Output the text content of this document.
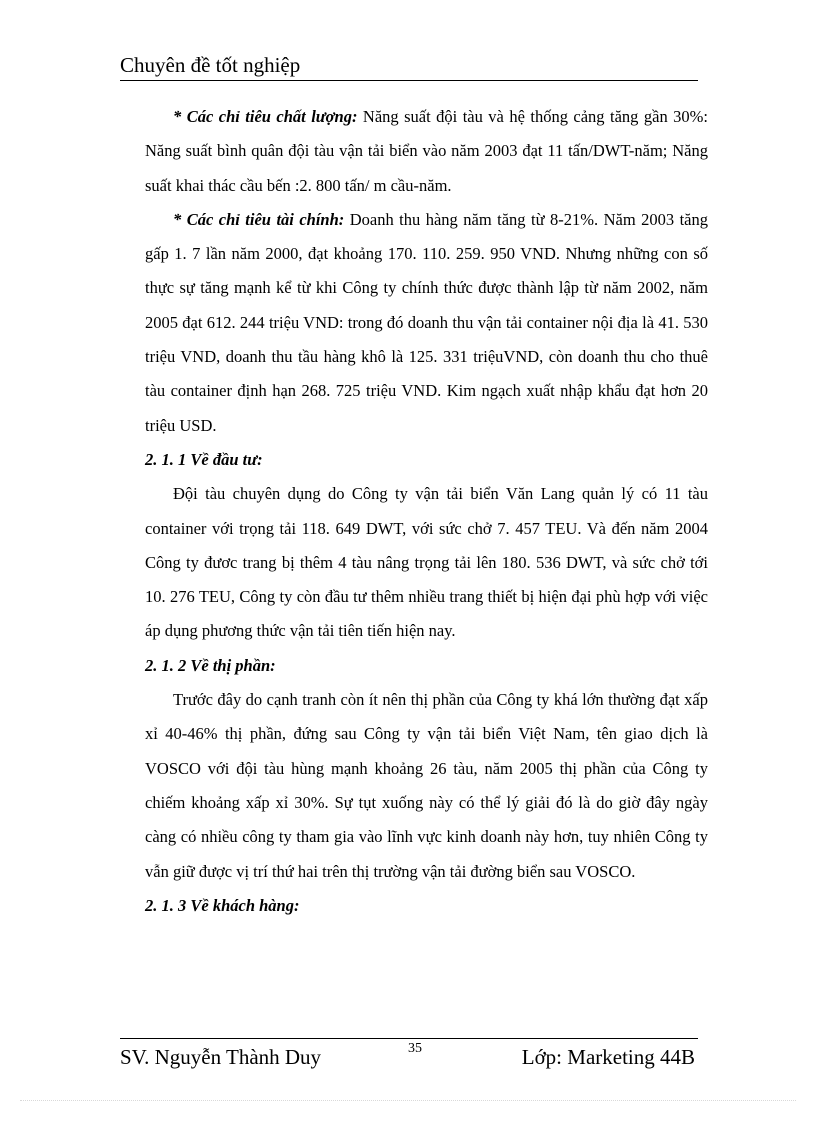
Chuyên đề tốt nghiệp

* Các chỉ tiêu chất lượng: Năng suất đội tàu và hệ thống cảng tăng gần 30%: Năng suất bình quân đội tàu vận tải biển vào năm 2003 đạt 11 tấn/DWT-năm; Năng suất khai thác cầu bến :2. 800 tấn/ m cầu-năm.

* Các chỉ tiêu tài chính: Doanh thu hàng năm tăng từ 8-21%. Năm 2003 tăng gấp 1. 7 lần năm 2000, đạt khoảng 170. 110. 259. 950 VND. Nhưng những con số thực sự tăng mạnh kể từ khi Công ty chính thức được thành lập từ năm 2002, năm 2005 đạt 612. 244 triệu VND: trong đó doanh thu vận tải container nội địa là 41. 530 triệu VND, doanh thu tầu hàng khô là 125. 331 triệuVND, còn doanh thu cho thuê tàu container định hạn 268. 725 triệu VND. Kim ngạch xuất nhập khẩu đạt hơn 20 triệu USD.

2. 1. 1 Về đầu tư:

Đội tàu chuyên dụng do Công ty vận tải biển Văn Lang quản lý có 11 tàu container với trọng tải 118. 649 DWT, với sức chở 7. 457 TEU. Và đến năm 2004 Công ty đươc trang bị thêm 4 tàu nâng trọng tải lên 180. 536 DWT, và sức chở tới 10. 276 TEU, Công ty còn đầu tư thêm nhiều trang thiết bị hiện đại phù hợp với việc áp dụng phương thức vận tải tiên tiến hiện nay.

2. 1. 2 Về thị phần:

Trước đây do cạnh tranh còn ít nên thị phần của Công ty khá lớn thường đạt xấp xỉ 40-46% thị phần, đứng sau Công ty vận tải biển Việt Nam, tên giao dịch là VOSCO với đội tàu hùng mạnh khoảng 26 tàu, năm 2005 thị phần của Công ty chiếm khoảng xấp xỉ 30%. Sự tụt xuống này có thể lý giải đó là do giờ đây ngày càng có nhiều công ty tham gia vào lĩnh vực kinh doanh này hơn, tuy nhiên Công ty vẫn giữ được vị trí thứ hai trên thị trường vận tải đường biển sau VOSCO.

2. 1. 3 Về khách hàng:

SV. Nguyễn Thành Duy	35	Lớp: Marketing 44B
